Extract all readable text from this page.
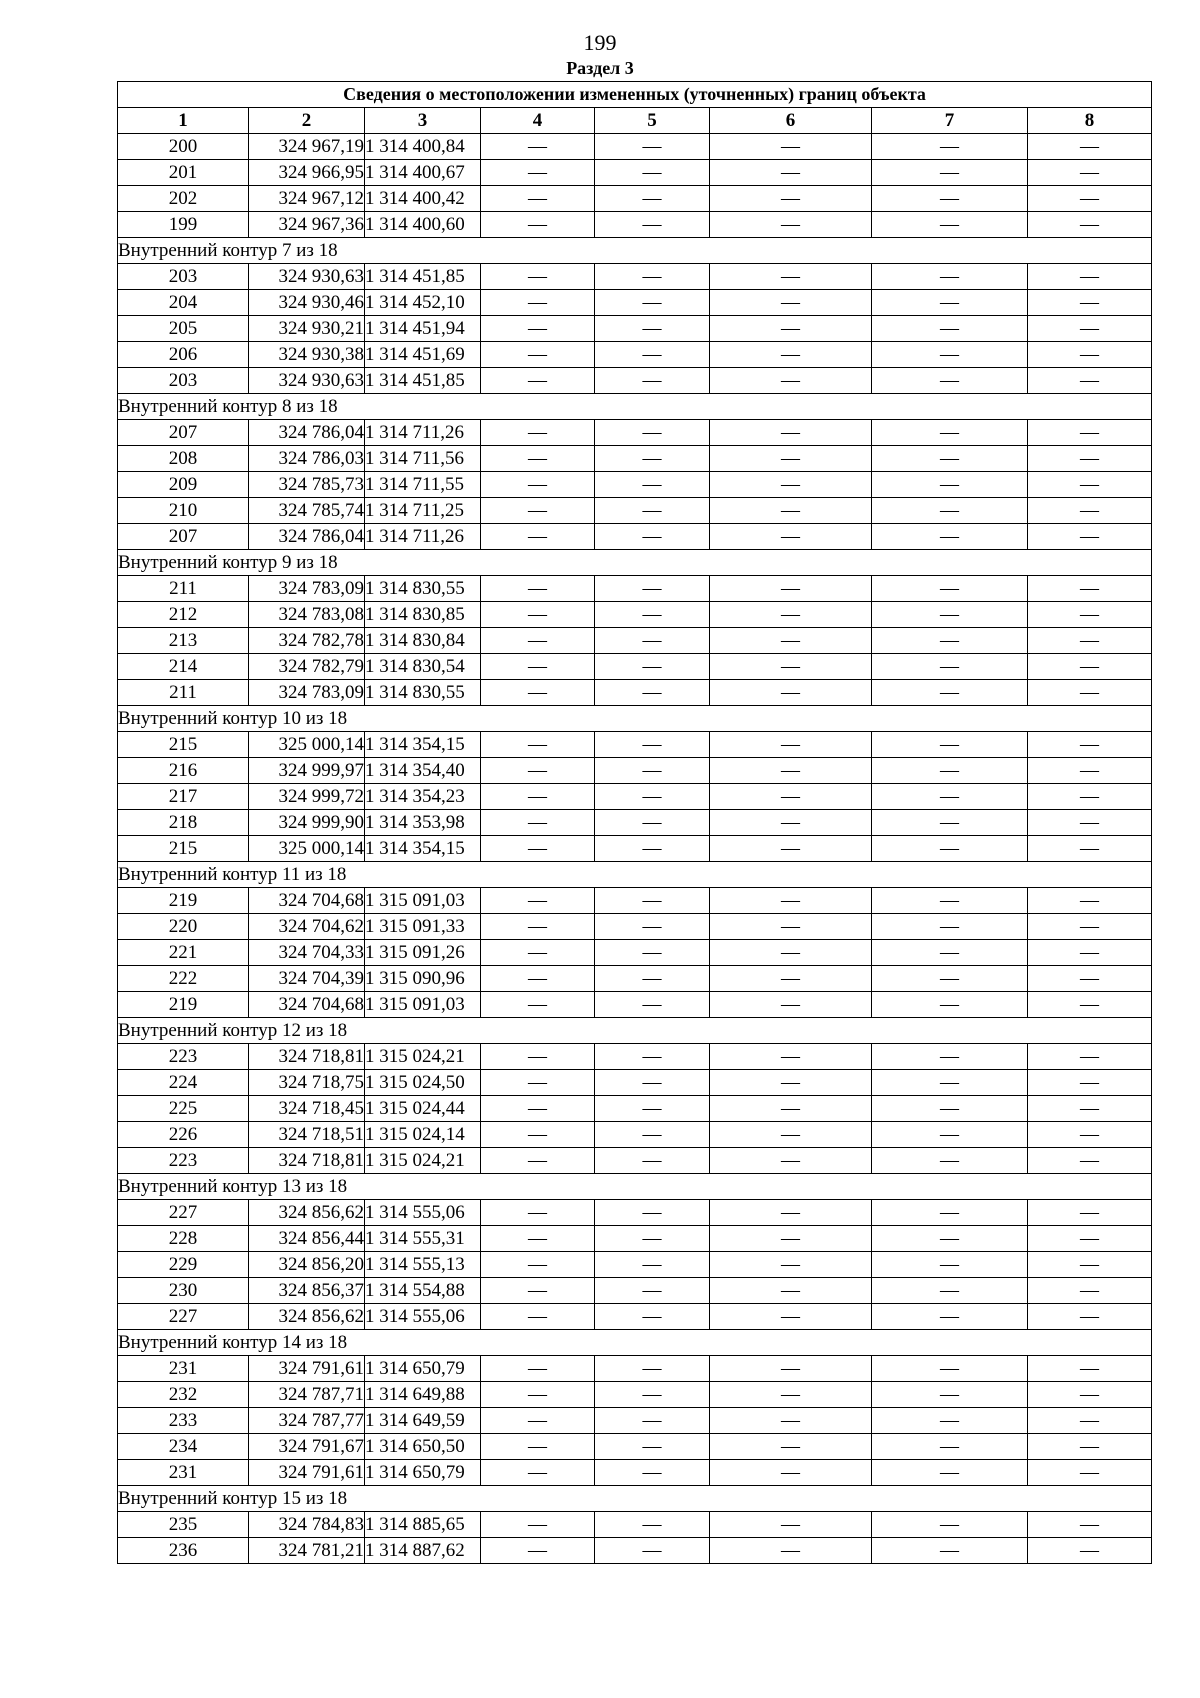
199
Раздел 3
Сведения о местоположении измененных (уточненных) границ объекта							
1	2	3	4	5	6	7	8
200	324 967,19	1 314 400,84	—	—	—	—	—
201	324 966,95	1 314 400,67	—	—	—	—	—
202	324 967,12	1 314 400,42	—	—	—	—	—
199	324 967,36	1 314 400,60	—	—	—	—	—
Внутренний контур 7 из 18							
203	324 930,63	1 314 451,85	—	—	—	—	—
204	324 930,46	1 314 452,10	—	—	—	—	—
205	324 930,21	1 314 451,94	—	—	—	—	—
206	324 930,38	1 314 451,69	—	—	—	—	—
203	324 930,63	1 314 451,85	—	—	—	—	—
Внутренний контур 8 из 18							
207	324 786,04	1 314 711,26	—	—	—	—	—
208	324 786,03	1 314 711,56	—	—	—	—	—
209	324 785,73	1 314 711,55	—	—	—	—	—
210	324 785,74	1 314 711,25	—	—	—	—	—
207	324 786,04	1 314 711,26	—	—	—	—	—
Внутренний контур 9 из 18							
211	324 783,09	1 314 830,55	—	—	—	—	—
212	324 783,08	1 314 830,85	—	—	—	—	—
213	324 782,78	1 314 830,84	—	—	—	—	—
214	324 782,79	1 314 830,54	—	—	—	—	—
211	324 783,09	1 314 830,55	—	—	—	—	—
Внутренний контур 10 из 18							
215	325 000,14	1 314 354,15	—	—	—	—	—
216	324 999,97	1 314 354,40	—	—	—	—	—
217	324 999,72	1 314 354,23	—	—	—	—	—
218	324 999,90	1 314 353,98	—	—	—	—	—
215	325 000,14	1 314 354,15	—	—	—	—	—
Внутренний контур 11 из 18							
219	324 704,68	1 315 091,03	—	—	—	—	—
220	324 704,62	1 315 091,33	—	—	—	—	—
221	324 704,33	1 315 091,26	—	—	—	—	—
222	324 704,39	1 315 090,96	—	—	—	—	—
219	324 704,68	1 315 091,03	—	—	—	—	—
Внутренний контур 12 из 18							
223	324 718,81	1 315 024,21	—	—	—	—	—
224	324 718,75	1 315 024,50	—	—	—	—	—
225	324 718,45	1 315 024,44	—	—	—	—	—
226	324 718,51	1 315 024,14	—	—	—	—	—
223	324 718,81	1 315 024,21	—	—	—	—	—
Внутренний контур 13 из 18							
227	324 856,62	1 314 555,06	—	—	—	—	—
228	324 856,44	1 314 555,31	—	—	—	—	—
229	324 856,20	1 314 555,13	—	—	—	—	—
230	324 856,37	1 314 554,88	—	—	—	—	—
227	324 856,62	1 314 555,06	—	—	—	—	—
Внутренний контур 14 из 18							
231	324 791,61	1 314 650,79	—	—	—	—	—
232	324 787,71	1 314 649,88	—	—	—	—	—
233	324 787,77	1 314 649,59	—	—	—	—	—
234	324 791,67	1 314 650,50	—	—	—	—	—
231	324 791,61	1 314 650,79	—	—	—	—	—
Внутренний контур 15 из 18							
235	324 784,83	1 314 885,65	—	—	—	—	—
236	324 781,21	1 314 887,62	—	—	—	—	—
